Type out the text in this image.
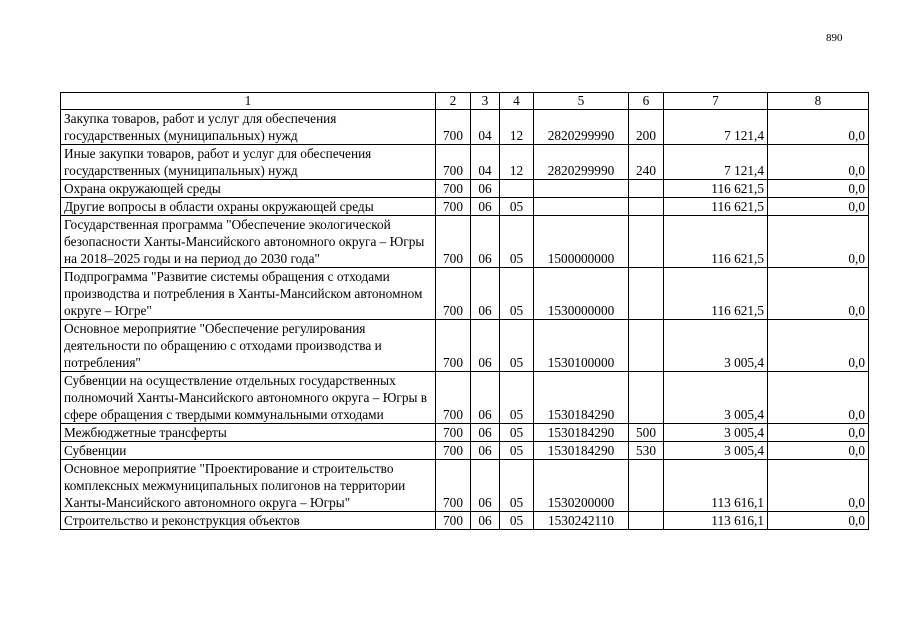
890
1	2	3	4	5	6	7	8
Закупка товаров, работ и услуг для обеспечения государственных (муниципальных) нужд	700	04	12	2820299990	200	7 121,4	0,0
Иные закупки товаров, работ и услуг для обеспечения государственных (муниципальных) нужд	700	04	12	2820299990	240	7 121,4	0,0
Охрана окружающей среды	700	06				116 621,5	0,0
Другие вопросы в области охраны окружающей среды	700	06	05			116 621,5	0,0
Государственная программа "Обеспечение экологической безопасности Ханты-Мансийского автономного округа – Югры на 2018–2025 годы и на период до 2030 года"	700	06	05	1500000000		116 621,5	0,0
Подпрограмма "Развитие системы обращения с отходами производства и потребления в Ханты-Мансийском автономном округе – Югре"	700	06	05	1530000000		116 621,5	0,0
Основное мероприятие "Обеспечение регулирования деятельности по обращению с отходами производства и потребления"	700	06	05	1530100000		3 005,4	0,0
Субвенции на осуществление отдельных государственных полномочий Ханты-Мансийского автономного округа – Югры в сфере обращения с твердыми коммунальными отходами	700	06	05	1530184290		3 005,4	0,0
Межбюджетные трансферты	700	06	05	1530184290	500	3 005,4	0,0
Субвенции	700	06	05	1530184290	530	3 005,4	0,0
Основное мероприятие "Проектирование и строительство комплексных межмуниципальных полигонов на территории Ханты-Мансийского автономного округа – Югры"	700	06	05	1530200000		113 616,1	0,0
Строительство и реконструкция объектов	700	06	05	1530242110		113 616,1	0,0
